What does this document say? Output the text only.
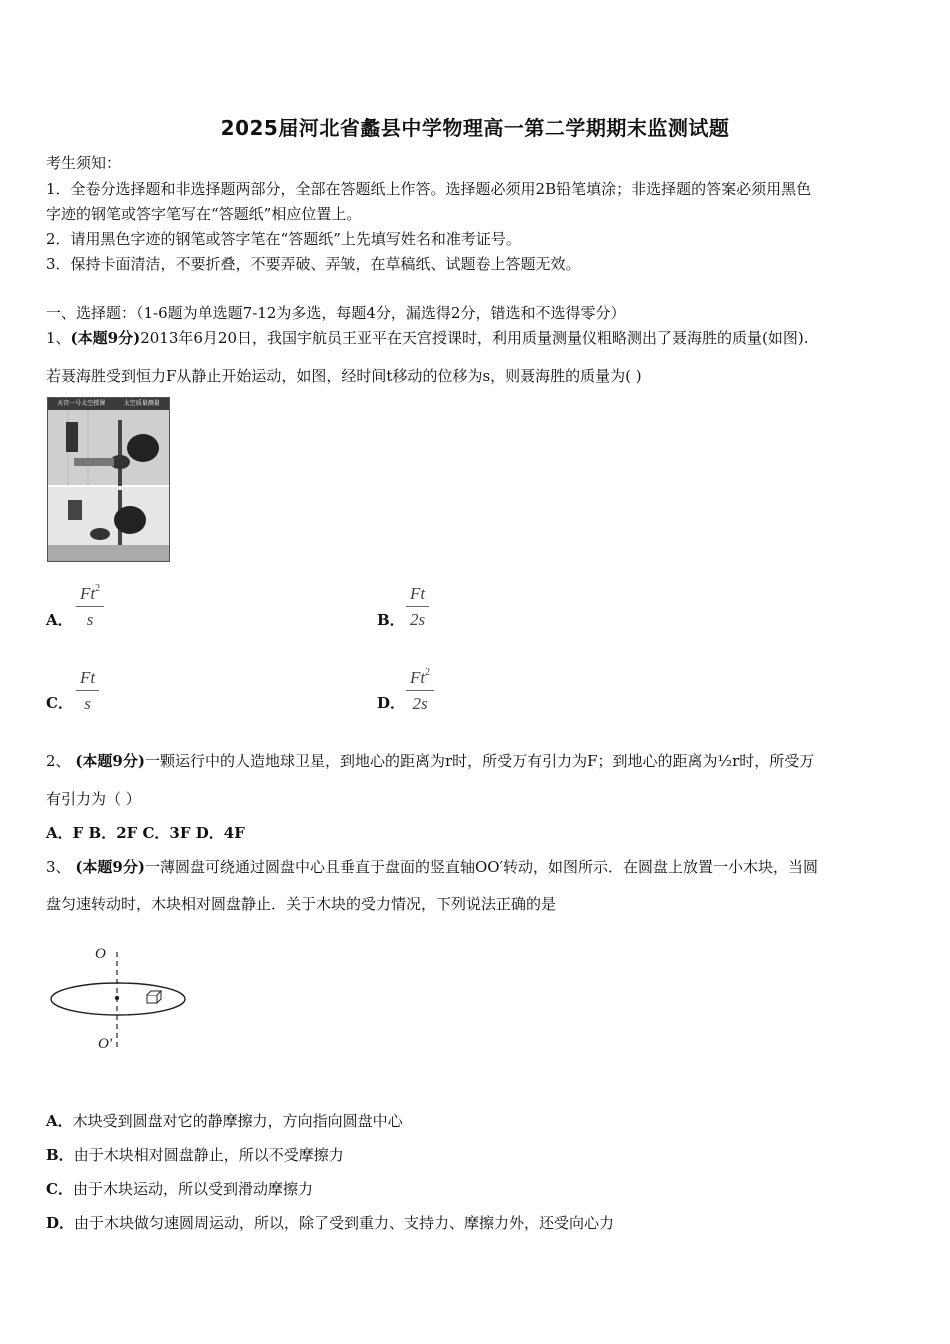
2025届河北省蠡县中学物理高一第二学期期末监测试题
考生须知：
1．全卷分选择题和非选择题两部分，全部在答题纸上作答。选择题必须用2B铅笔填涂；非选择题的答案必须用黑色
字迹的钢笔或答字笔写在“答题纸”相应位置上。
2．请用黑色字迹的钢笔或答字笔在“答题纸”上先填写姓名和准考证号。
3．保持卡面清洁，不要折叠，不要弄破、弄皱，在草稿纸、试题卷上答题无效。
一、选择题：（1-6题为单选题7-12为多选，每题4分，漏选得2分，错选和不选得零分）
1、(本题9分)2013年6月20日，我国宇航员王亚平在天宫授课时，利用质量测量仪粗略测出了聂海胜的质量(如图).
若聂海胜受到恒力F从静止开始运动，如图，经时间t移动的位移为s，则聂海胜的质量为( )
天宫一号太空授课	太空质量测量
A． $\frac{Ft^2}{s}$	B． $\frac{Ft}{2s}$
C． $\frac{Ft}{s}$	D． $\frac{Ft^2}{2s}$
2、 (本题9分)一颗运行中的人造地球卫星，到地心的距离为r时，所受万有引力为F；到地心的距离为½r时，所受万
有引力为（ ）
A．F B．2F C．3F D．4F
3、 (本题9分)一薄圆盘可绕通过圆盘中心且垂直于盘面的竖直轴OO′转动，如图所示．在圆盘上放置一小木块，当圆
盘匀速转动时，木块相对圆盘静止．关于木块的受力情况，下列说法正确的是
O
O′
A．木块受到圆盘对它的静摩擦力，方向指向圆盘中心
B．由于木块相对圆盘静止，所以不受摩擦力
C．由于木块运动，所以受到滑动摩擦力
D．由于木块做匀速圆周运动，所以，除了受到重力、支持力、摩擦力外，还受向心力
